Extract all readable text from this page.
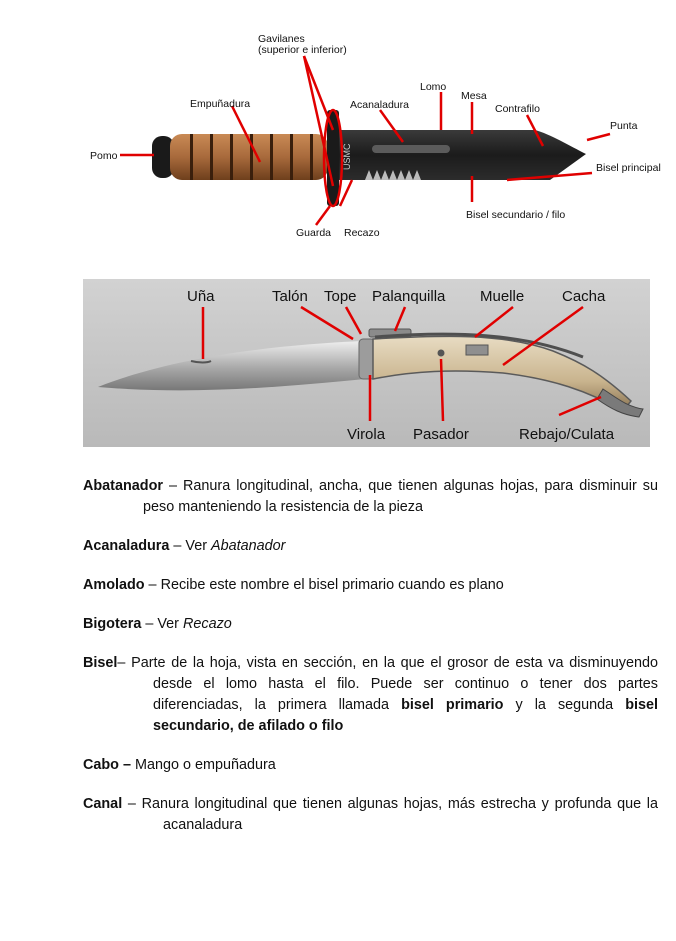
USMC
Gavilanes
(superior e inferior)
Empuñadura	Acanaladura
Lomo
Mesa
Contrafilo
Punta
Pomo
Bisel principal
Bisel secundario / filo
Guarda Recazo
Uña	Talón Tope Palanquilla Muelle	Cacha
Virola Pasador	Rebajo/Culata

Abatanador – Ranura longitudinal, ancha, que tienen algunas hojas, para disminuir su peso manteniendo la resistencia de la pieza

Acanaladura – Ver Abatanador

Amolado – Recibe este nombre el bisel primario cuando es plano

Bigotera – Ver Recazo

Bisel– Parte de la hoja, vista en sección, en la que el grosor de esta va disminuyendo desde el lomo hasta el filo. Puede ser continuo o tener dos partes diferenciadas, la primera llamada bisel primario y la segunda bisel secundario, de afilado o filo

Cabo – Mango o empuñadura

Canal – Ranura longitudinal que tienen algunas hojas, más estrecha y profunda que la acanaladura
